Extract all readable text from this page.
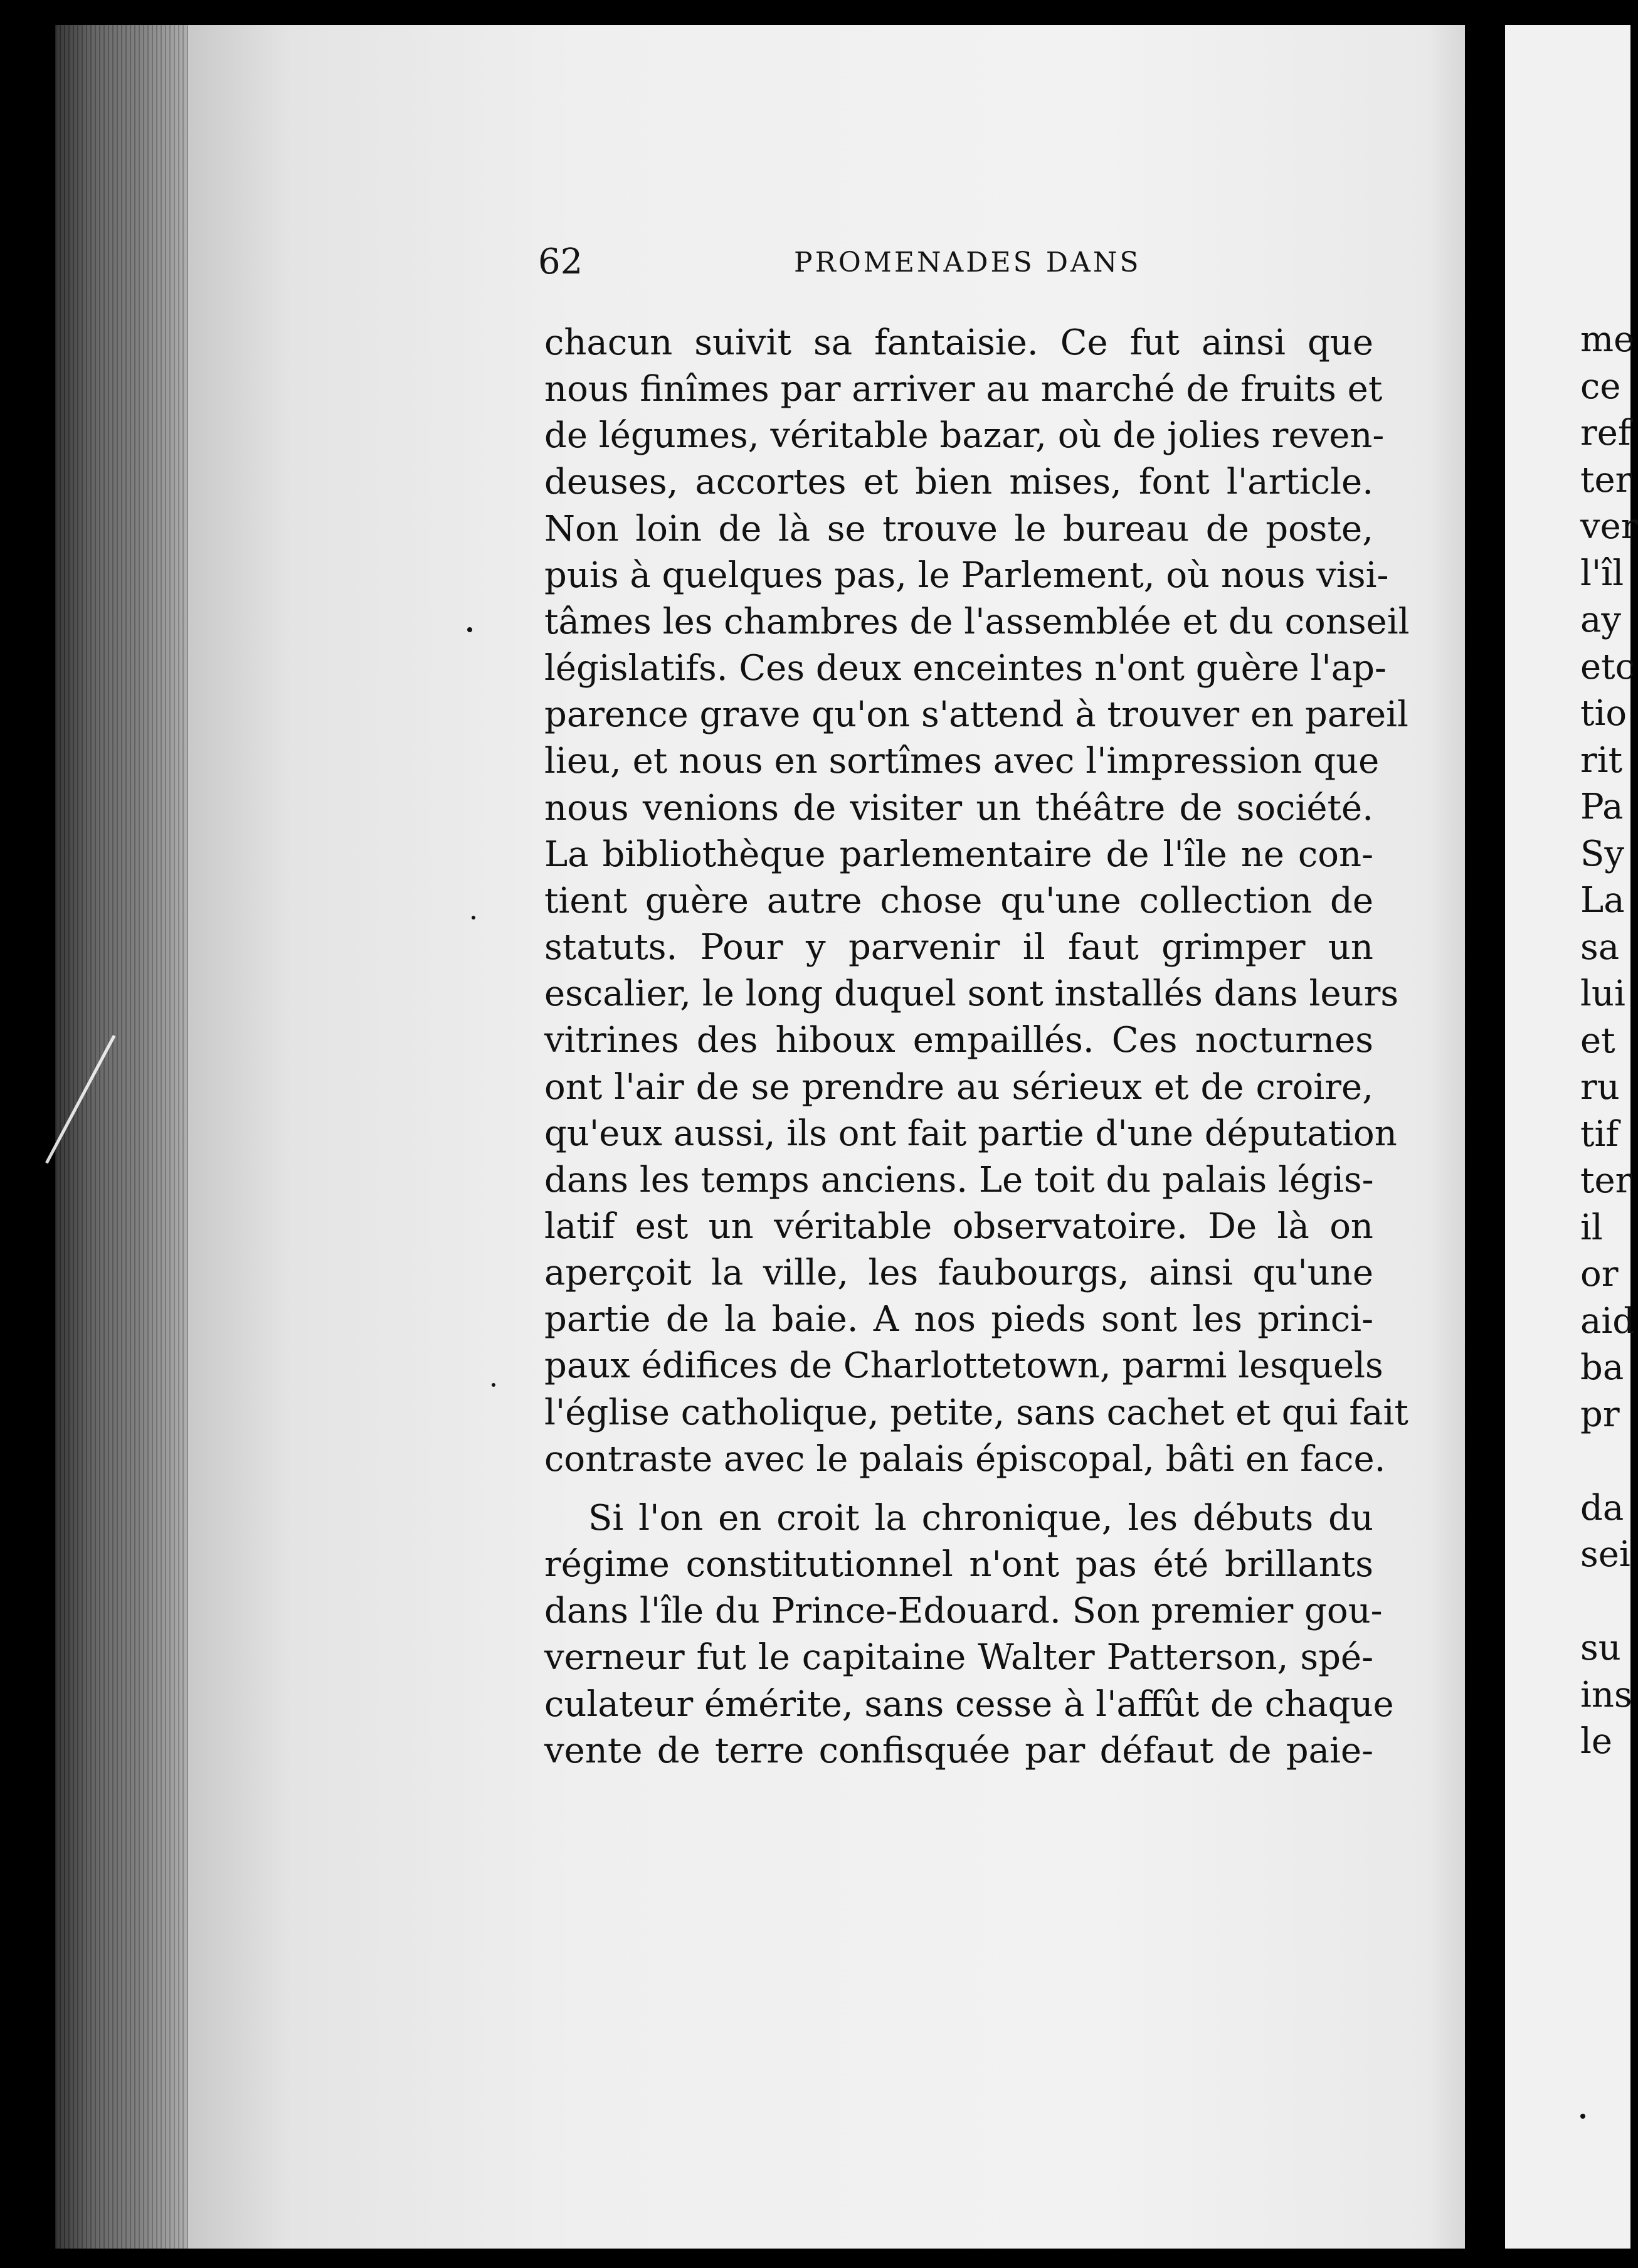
62	PROMENADES DANS
chacun suivit sa fantaisie. Ce fut ainsi que
nous finîmes par arriver au marché de fruits et
de légumes, véritable bazar, où de jolies reven-
deuses, accortes et bien mises, font l'article.
Non loin de là se trouve le bureau de poste,
puis à quelques pas, le Parlement, où nous visi-
tâmes les chambres de l'assemblée et du conseil
législatifs. Ces deux enceintes n'ont guère l'ap-
parence grave qu'on s'attend à trouver en pareil
lieu, et nous en sortîmes avec l'impression que
nous venions de visiter un théâtre de société.
La bibliothèque parlementaire de l'île ne con-
tient guère autre chose qu'une collection de
statuts. Pour y parvenir il faut grimper un
escalier, le long duquel sont installés dans leurs
vitrines des hiboux empaillés. Ces nocturnes
ont l'air de se prendre au sérieux et de croire,
qu'eux aussi, ils ont fait partie d'une députation
dans les temps anciens. Le toit du palais légis-
latif est un véritable observatoire. De là on
aperçoit la ville, les faubourgs, ainsi qu'une
partie de la baie. A nos pieds sont les princi-
paux édifices de Charlottetown, parmi lesquels
l'église catholique, petite, sans cachet et qui fait
contraste avec le palais épiscopal, bâti en face.
Si l'on en croit la chronique, les débuts du
régime constitutionnel n'ont pas été brillants
dans l'île du Prince-Edouard. Son premier gou-
verneur fut le capitaine Walter Patterson, spé-
culateur émérite, sans cesse à l'affût de chaque
vente de terre confisquée par défaut de paie-
me
ce
ref
ter
ver
l'îl
ay
etc
tio
rit
Pa
Sy
La
sa
lui
et
ru
tif
ter
il
or
aid
ba
pr

da
sei

su
ins
le
